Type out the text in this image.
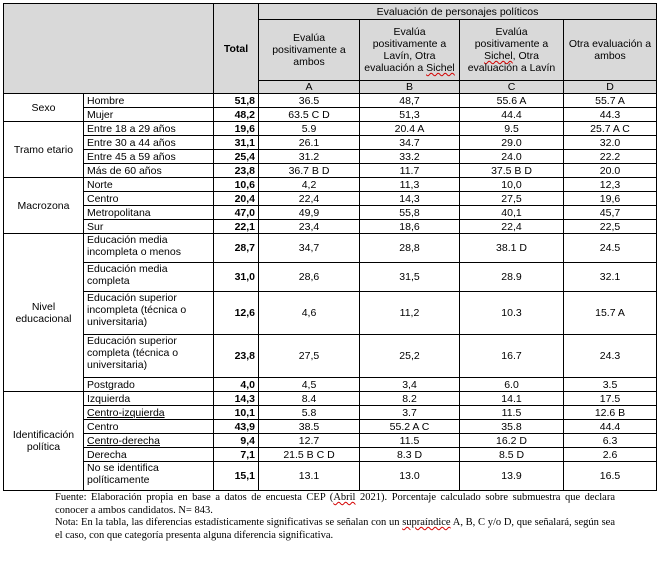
		Total	Evaluación de personajes políticos			
			Evalúa positivamente a ambos	Evalúa positivamente a Lavín, Otra evaluación a Sichel	Evalúa positivamente a Sichel, Otra evaluación a Lavín	Otra evaluación a ambos
			A	B	C	D
Sexo	Hombre	51,8	36.5	48,7	55.6 A	55.7 A
	Mujer	48,2	63.5 C D	51,3	44.4	44.3
Tramo etario	Entre 18 a 29 años	19,6	5.9	20.4 A	9.5	25.7 A C
	Entre 30 a 44 años	31,1	26.1	34.7	29.0	32.0
	Entre 45 a 59 años	25,4	31.2	33.2	24.0	22.2
	Más de 60 años	23,8	36.7 B D	11.7	37.5 B D	20.0
Macrozona	Norte	10,6	4,2	11,3	10,0	12,3
	Centro	20,4	22,4	14,3	27,5	19,6
	Metropolitana	47,0	49,9	55,8	40,1	45,7
	Sur	22,1	23,4	18,6	22,4	22,5
Nivel educacional	Educación media incompleta o menos	28,7	34,7	28,8	38.1 D	24.5
	Educación media completa	31,0	28,6	31,5	28.9	32.1
	Educación superior incompleta (técnica o universitaria)	12,6	4,6	11,2	10.3	15.7 A
	Educación superior completa (técnica o universitaria)	23,8	27,5	25,2	16.7	24.3
	Postgrado	4,0	4,5	3,4	6.0	3.5
Identificación política	Izquierda	14,3	8.4	8.2	14.1	17.5
	Centro-izquierda	10,1	5.8	3.7	11.5	12.6 B
	Centro	43,9	38.5	55.2 A C	35.8	44.4
	Centro-derecha	9,4	12.7	11.5	16.2 D	6.3
	Derecha	7,1	21.5 B C D	8.3 D	8.5 D	2.6
	No se identifica políticamente	15,1	13.1	13.0	13.9	16.5
Fuente: Elaboración propia en base a datos de encuesta CEP (Abril 2021). Porcentaje calculado sobre submuestra que declara conocer a ambos candidatos. N= 843.
Nota: En la tabla, las diferencias estadísticamente significativas se señalan con un supraíndice A, B, C y/o D, que señalará, según sea el caso, con que categoría presenta alguna diferencia significativa.
